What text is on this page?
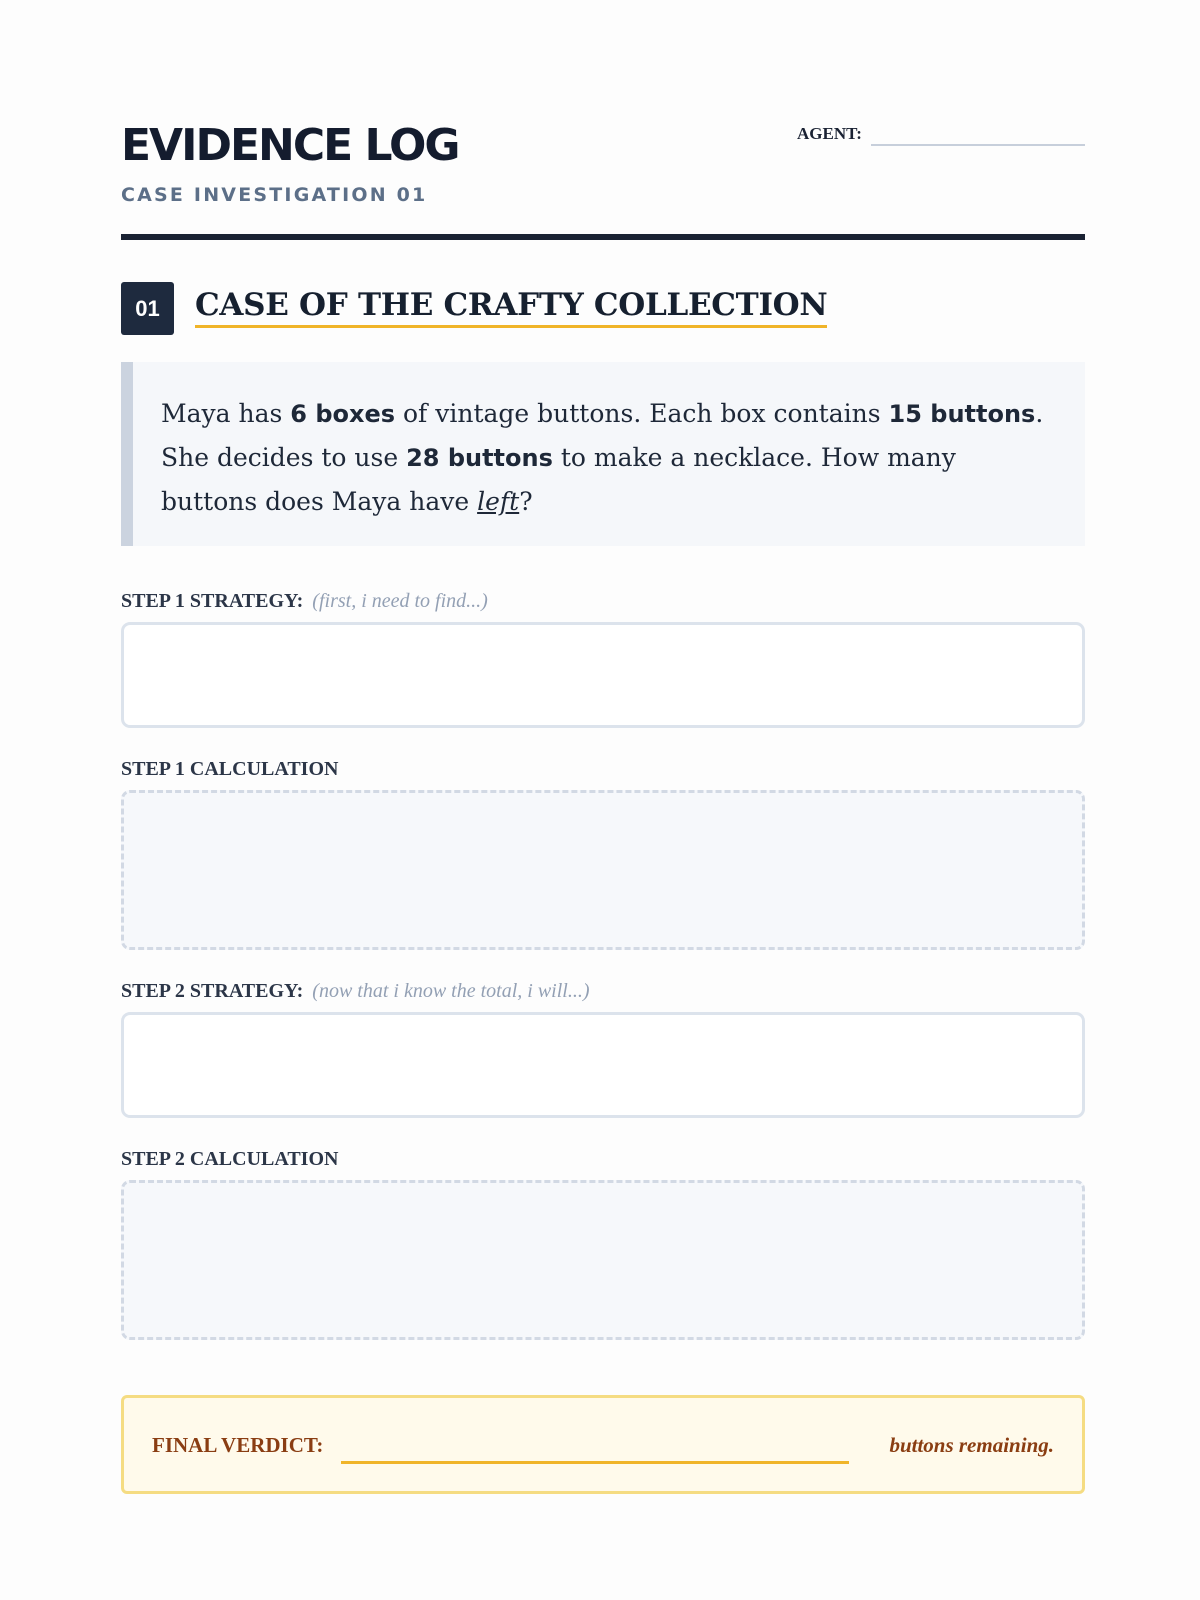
EVIDENCE LOG
CASE INVESTIGATION 01
AGENT:
01	CASE OF THE CRAFTY COLLECTION
Maya has 6 boxes of vintage buttons. Each box contains 15 buttons. She decides to use 28 buttons to make a necklace. How many buttons does Maya have left?
STEP 1 STRATEGY: (first, i need to find...)
STEP 1 CALCULATION
STEP 2 STRATEGY: (now that i know the total, i will...)
STEP 2 CALCULATION
FINAL VERDICT:	buttons remaining.
